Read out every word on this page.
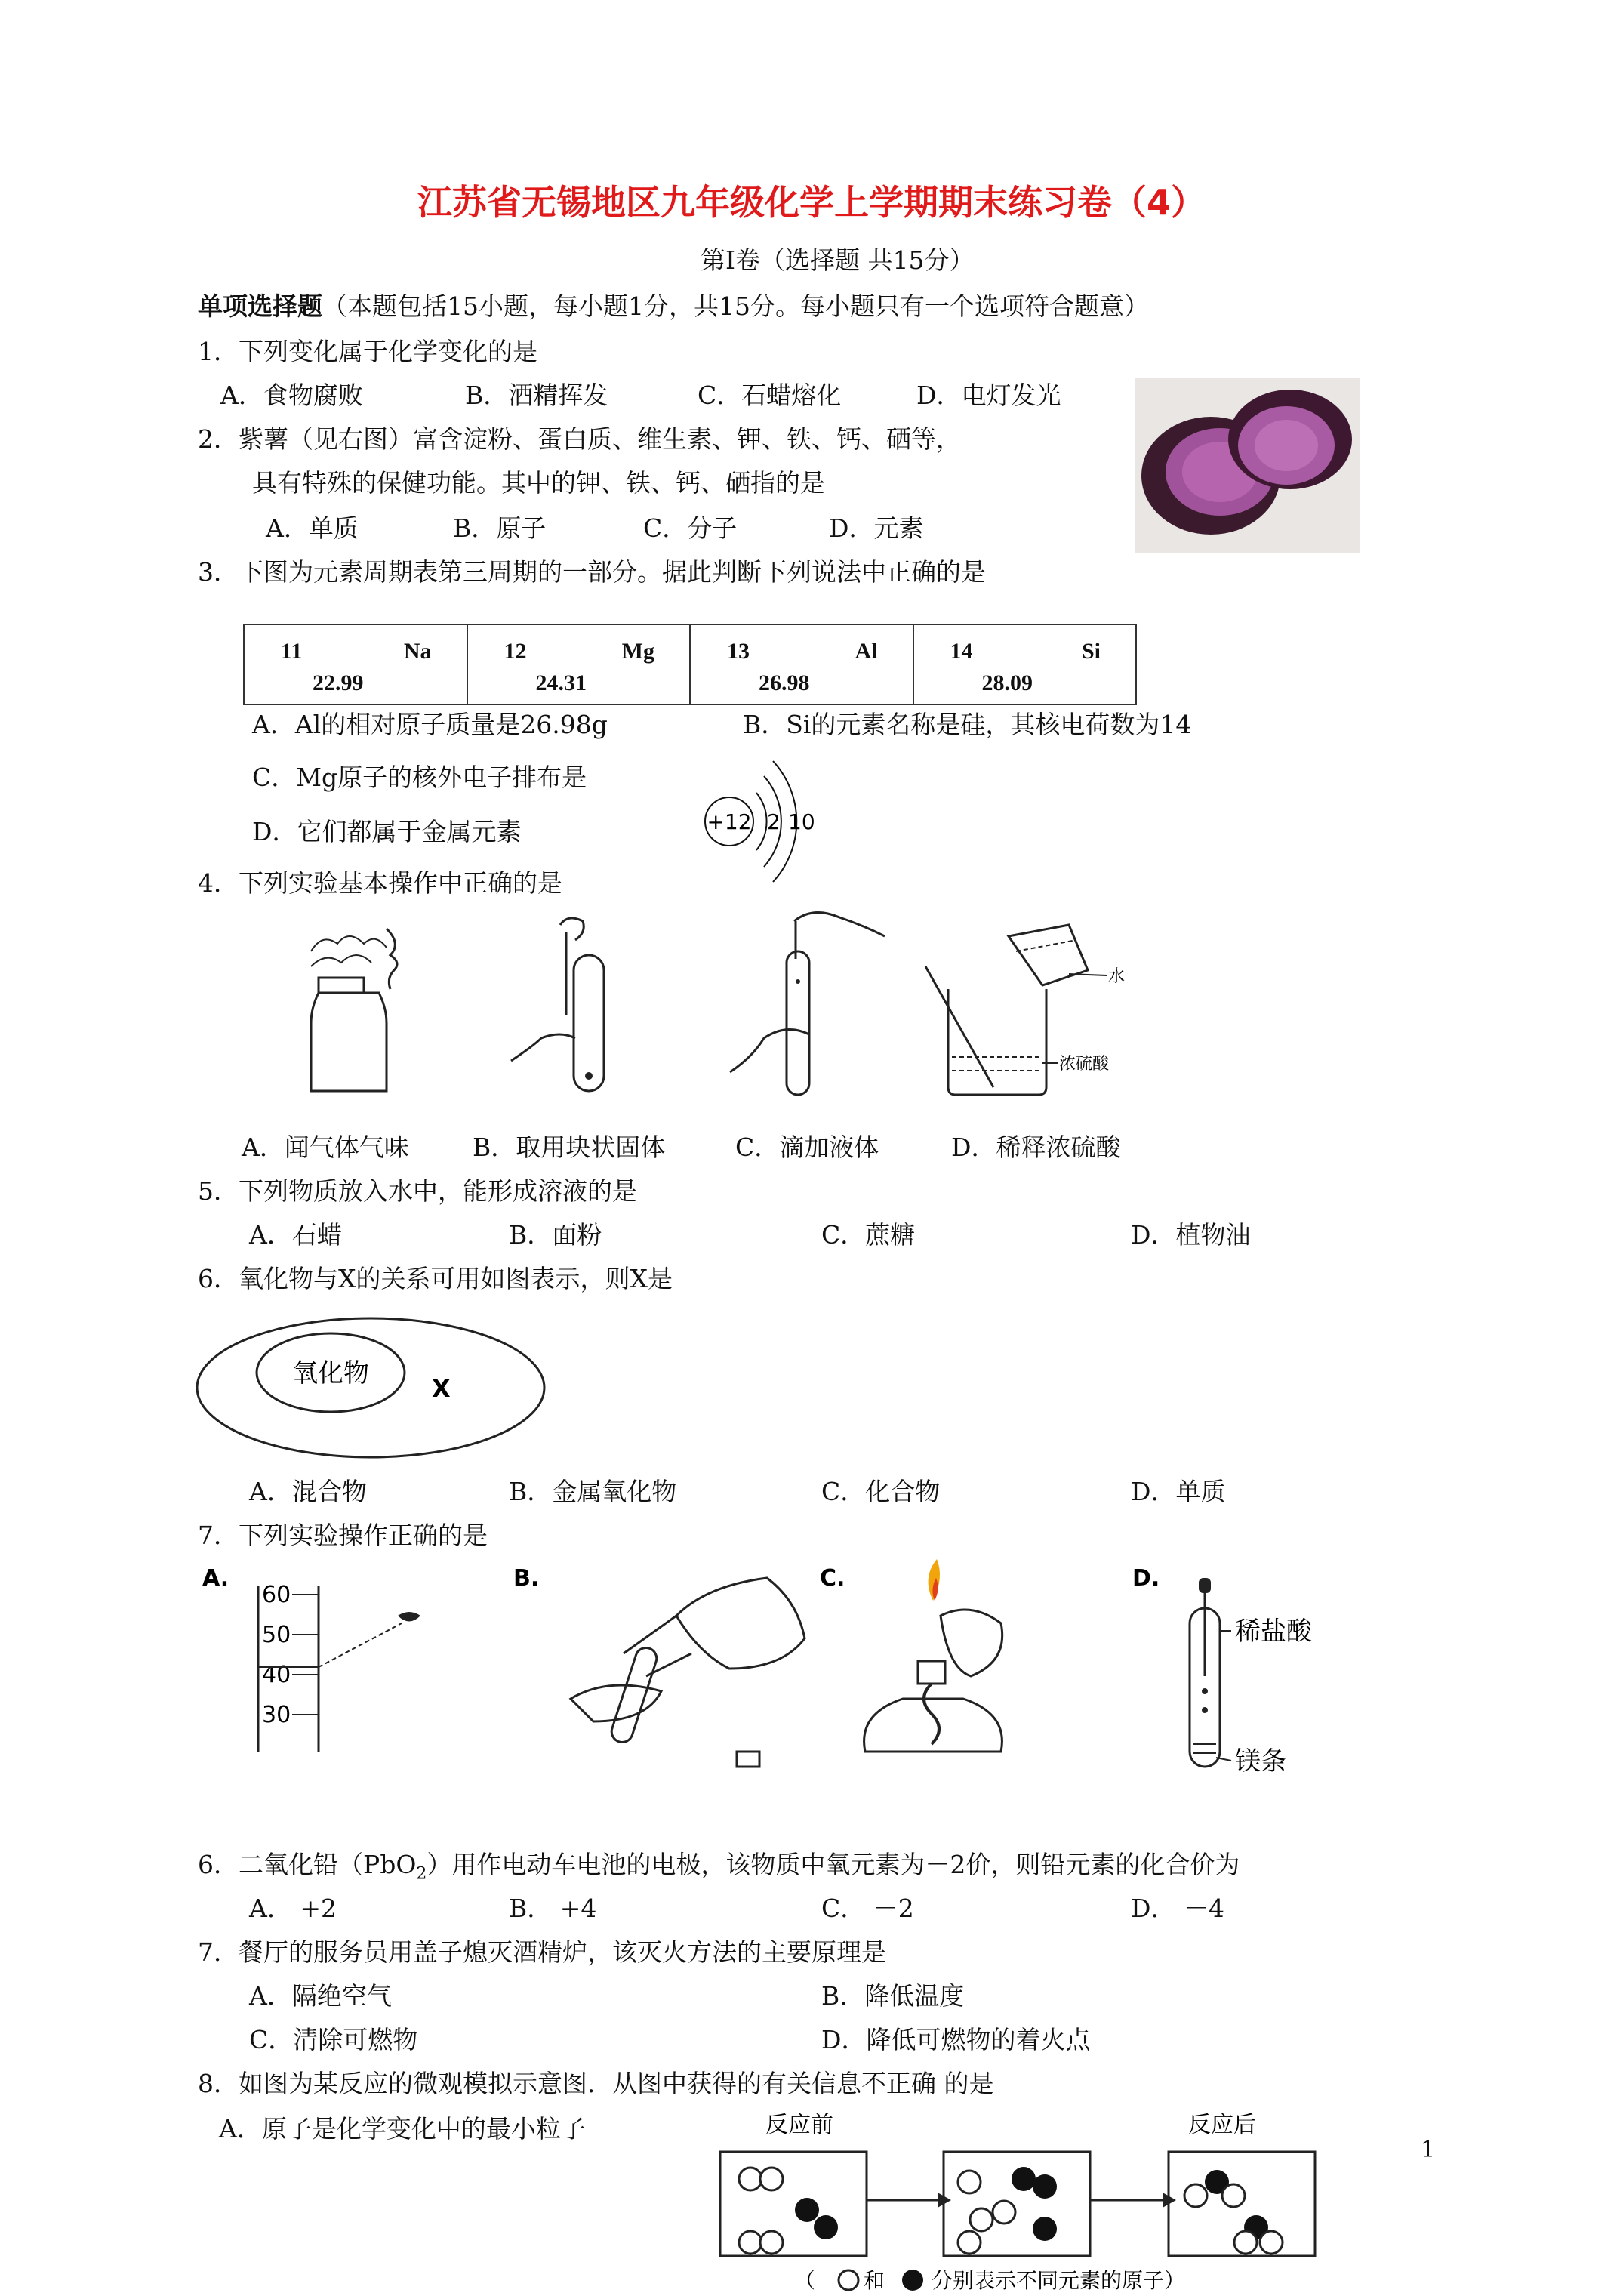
江苏省无锡地区九年级化学上学期期末练习卷（4）
第Ⅰ卷（选择题 共15分）
单项选择题（本题包括15小题，每小题1分，共15分。每小题只有一个选项符合题意）
1．下列变化属于化学变化的是
A．食物腐败	B．酒精挥发	C．石蜡熔化	D．电灯发光
2．紫薯（见右图）富含淀粉、蛋白质、维生素、钾、铁、钙、硒等，
具有特殊的保健功能。其中的钾、铁、钙、硒指的是
A．单质	B．原子	C．分子	D．元素
3．下图为元素周期表第三周期的一部分。据此判断下列说法中正确的是
11	Na
22.99
12	Mg
24.31
13	Al
26.98
14	Si
28.09
A．Al的相对原子质量是26.98g	B．Si的元素名称是硅，其核电荷数为14
C．Mg原子的核外电子排布是
D．它们都属于金属元素	+12 2 10
4．下列实验基本操作中正确的是
水
浓硫酸
A．闻气体气味	B．取用块状固体	C．滴加液体	D．稀释浓硫酸
5．下列物质放入水中，能形成溶液的是
A．石蜡	B．面粉	C．蔗糖	D．植物油
6．氧化物与X的关系可用如图表示，则X是
氧化物	X
A．混合物	B．金属氧化物	C．化合物	D．单质
7．下列实验操作正确的是
A.
60
50
40
30
B.	C.	D.
稀盐酸
镁条
6．二氧化铅（PbO$_2$）用作电动车电池的电极，该物质中氧元素为－2价，则铅元素的化合价为
A． +2	B． +4	C． －2	D． －4
7．餐厅的服务员用盖子熄灭酒精炉，该灭火方法的主要原理是
A．隔绝空气	B．降低温度
C．清除可燃物	D．降低可燃物的着火点
8．如图为某反应的微观模拟示意图．从图中获得的有关信息不正确 的是
A．原子是化学变化中的最小粒子	反应前	反应后
（ 和 分别表示不同元素的原子）
1
